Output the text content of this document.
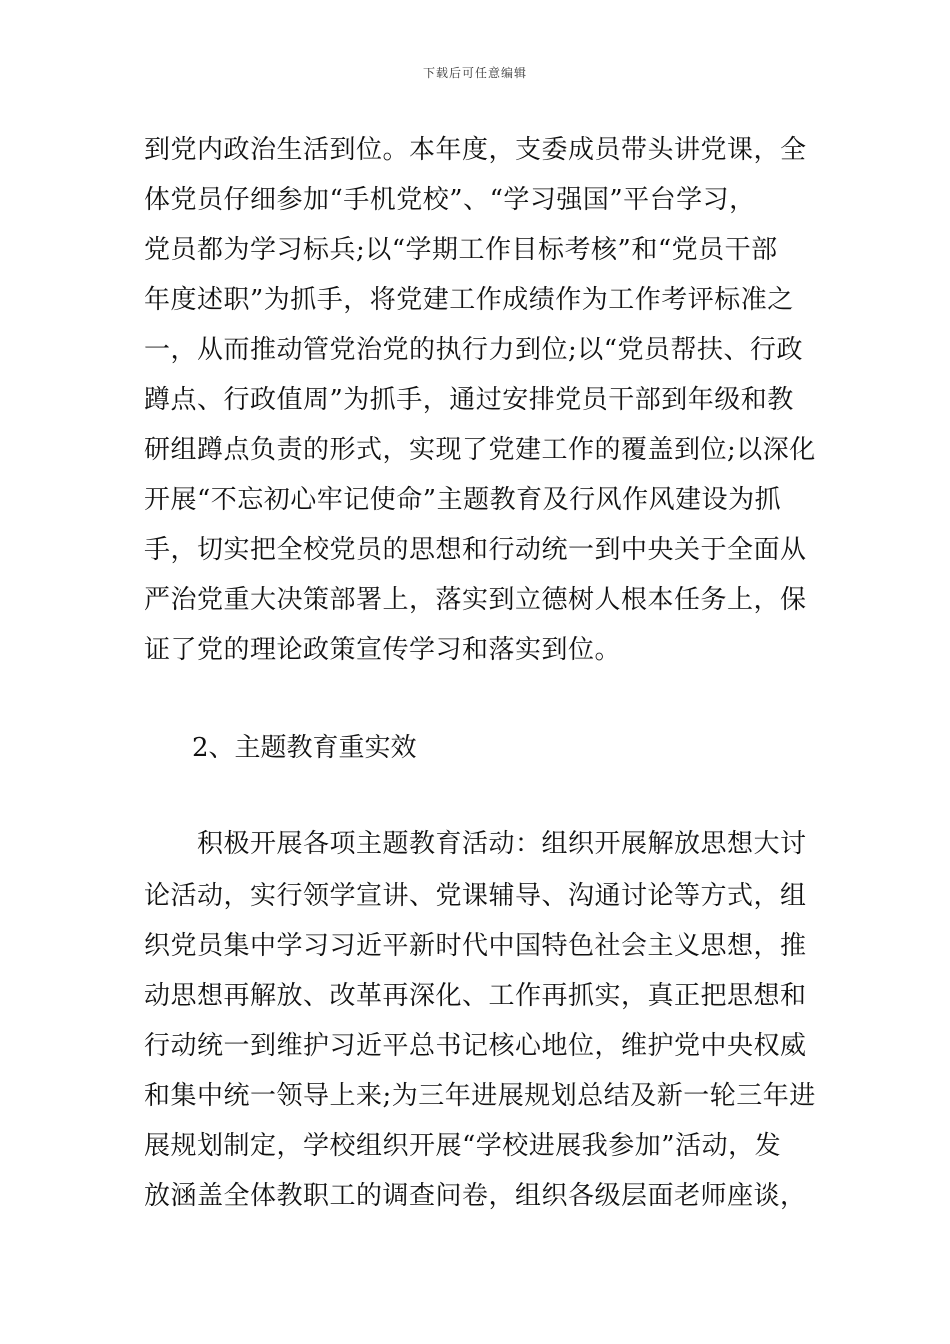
下载后可任意编辑
到党内政治生活到位。本年度，支委成员带头讲党课，全
体党员仔细参加“手机党校”、“学习强国”平台学习，
党员都为学习标兵;以“学期工作目标考核”和“党员干部
年度述职”为抓手，将党建工作成绩作为工作考评标准之
一，从而推动管党治党的执行力到位;以“党员帮扶、行政
蹲点、行政值周”为抓手，通过安排党员干部到年级和教
研组蹲点负责的形式，实现了党建工作的覆盖到位;以深化
开展“不忘初心牢记使命”主题教育及行风作风建设为抓
手，切实把全校党员的思想和行动统一到中央关于全面从
严治党重大决策部署上，落实到立德树人根本任务上，保
证了党的理论政策宣传学习和落实到位。
2、主题教育重实效
　　积极开展各项主题教育活动：组织开展解放思想大讨
论活动，实行领学宣讲、党课辅导、沟通讨论等方式，组
织党员集中学习习近平新时代中国特色社会主义思想，推
动思想再解放、改革再深化、工作再抓实，真正把思想和
行动统一到维护习近平总书记核心地位，维护党中央权威
和集中统一领导上来;为三年进展规划总结及新一轮三年进
展规划制定，学校组织开展“学校进展我参加”活动，发
放涵盖全体教职工的调查问卷，组织各级层面老师座谈，
